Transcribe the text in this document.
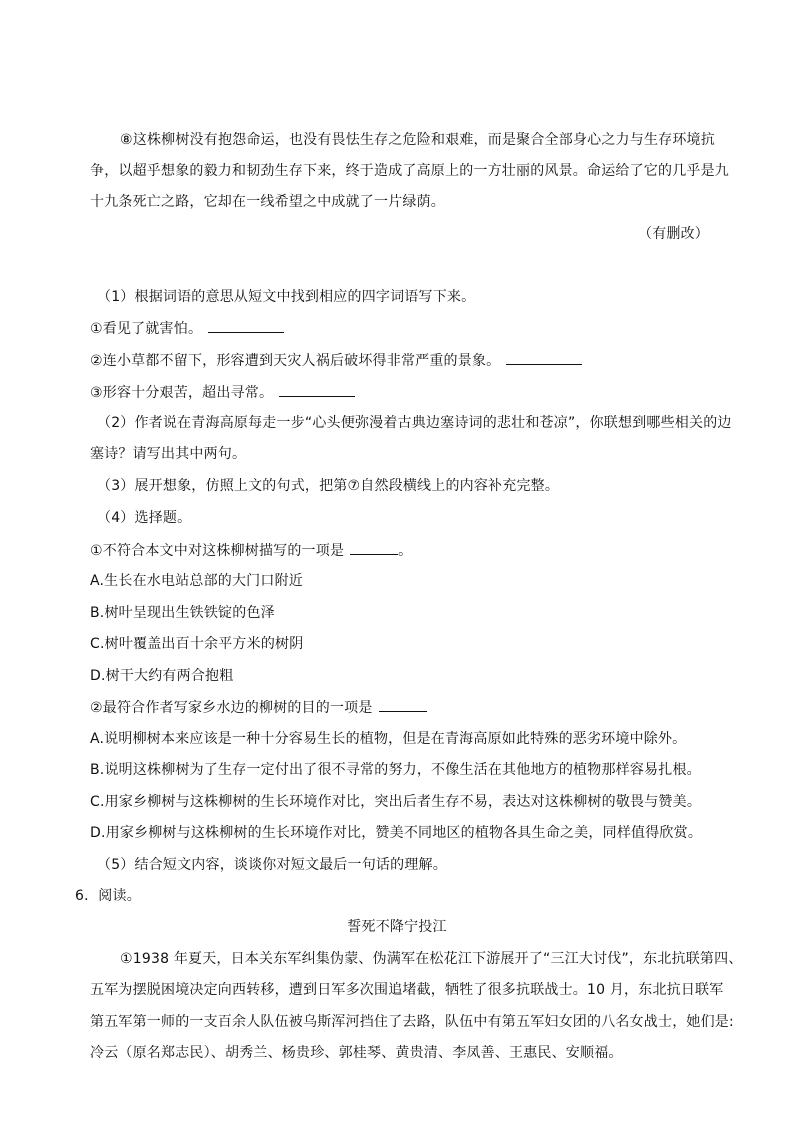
⑧这株柳树没有抱怨命运，也没有畏怯生存之危险和艰难，而是聚合全部身心之力与生存环境抗
争，以超乎想象的毅力和韧劲生存下来，终于造成了高原上的一方壮丽的风景。命运给了它的几乎是九
十九条死亡之路，它却在一线希望之中成就了一片绿荫。
（有删改）
（1）根据词语的意思从短文中找到相应的四字词语写下来。
①看见了就害怕。
②连小草都不留下，形容遭到天灾人祸后破坏得非常严重的景象。
③形容十分艰苦，超出寻常。
（2）作者说在青海高原每走一步“心头便弥漫着古典边塞诗词的悲壮和苍凉”，你联想到哪些相关的边
塞诗？请写出其中两句。
（3）展开想象，仿照上文的句式，把第⑦自然段横线上的内容补充完整。
（4）选择题。
①不符合本文中对这株柳树描写的一项是	。
A.生长在水电站总部的大门口附近
B.树叶呈现出生铁铁锭的色泽
C.树叶覆盖出百十余平方米的树阴
D.树干大约有两合抱粗
②最符合作者写家乡水边的柳树的目的一项是
A.说明柳树本来应该是一种十分容易生长的植物，但是在青海高原如此特殊的恶劣环境中除外。
B.说明这株柳树为了生存一定付出了很不寻常的努力，不像生活在其他地方的植物那样容易扎根。
C.用家乡柳树与这株柳树的生长环境作对比，突出后者生存不易，表达对这株柳树的敬畏与赞美。
D.用家乡柳树与这株柳树的生长环境作对比，赞美不同地区的植物各具生命之美，同样值得欣赏。
（5）结合短文内容，谈谈你对短文最后一句话的理解。
6．阅读。
誓死不降宁投江
①1938 年夏天，日本关东军纠集伪蒙、伪满军在松花江下游展开了“三江大讨伐”，东北抗联第四、
五军为摆脱困境决定向西转移，遭到日军多次围追堵截，牺牲了很多抗联战士。10 月，东北抗日联军
第五军第一师的一支百余人队伍被乌斯浑河挡住了去路，队伍中有第五军妇女团的八名女战士，她们是:
冷云（原名郑志民）、胡秀兰、杨贵珍、郭桂琴、黄贵清、李凤善、王惠民、安顺福。
